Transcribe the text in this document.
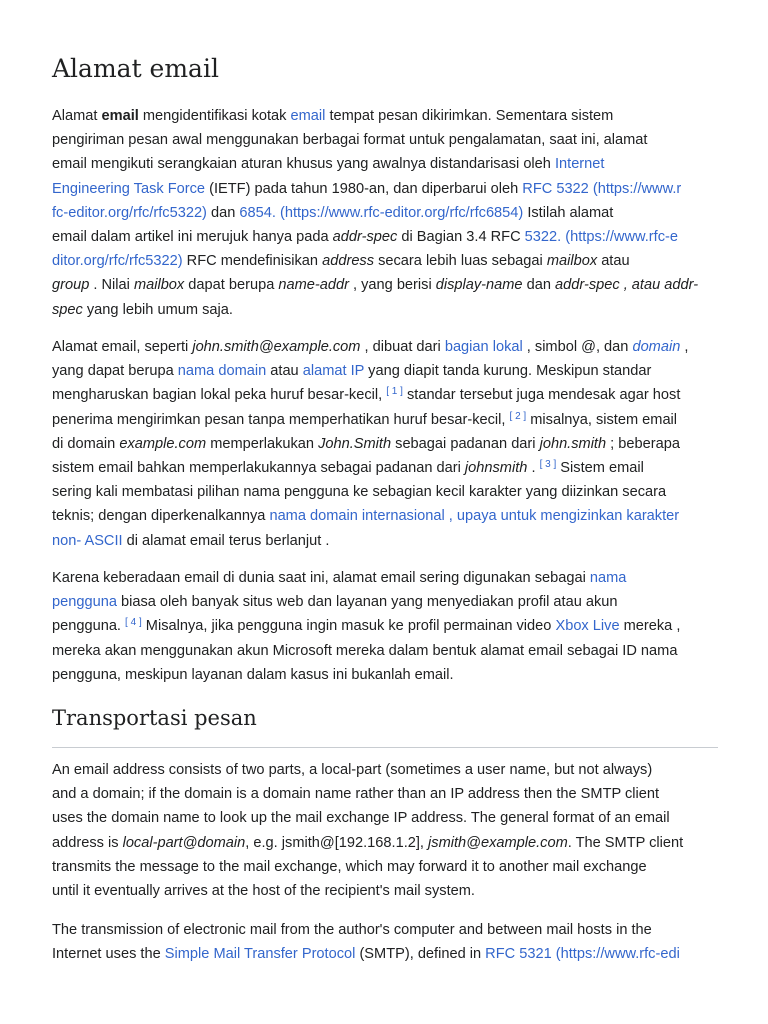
Alamat email

Alamat email mengidentifikasi kotak email tempat pesan dikirimkan. Sementara sistem
pengiriman pesan awal menggunakan berbagai format untuk pengalamatan, saat ini, alamat
email mengikuti serangkaian aturan khusus yang awalnya distandarisasi oleh Internet
Engineering Task Force (IETF) pada tahun 1980-an, dan diperbarui oleh RFC 5322 (https://www.r
fc-editor.org/rfc/rfc5322) dan 6854. (https://www.rfc-editor.org/rfc/rfc6854) Istilah alamat
email dalam artikel ini merujuk hanya pada addr-spec di Bagian 3.4 RFC 5322. (https://www.rfc-e
ditor.org/rfc/rfc5322) RFC mendefinisikan address secara lebih luas sebagai mailbox atau
group . Nilai mailbox dapat berupa name-addr , yang berisi display-name dan addr-spec , atau addr-
spec yang lebih umum saja.

Alamat email, seperti john.smith@example.com , dibuat dari bagian lokal , simbol @, dan domain ,
yang dapat berupa nama domain atau alamat IP yang diapit tanda kurung. Meskipun standar
mengharuskan bagian lokal peka huruf besar-kecil, [ 1 ] standar tersebut juga mendesak agar host
penerima mengirimkan pesan tanpa memperhatikan huruf besar-kecil, [ 2 ] misalnya, sistem email
di domain example.com memperlakukan John.Smith sebagai padanan dari john.smith ; beberapa
sistem email bahkan memperlakukannya sebagai padanan dari johnsmith . [ 3 ] Sistem email
sering kali membatasi pilihan nama pengguna ke sebagian kecil karakter yang diizinkan secara
teknis; dengan diperkenalkannya nama domain internasional , upaya untuk mengizinkan karakter
non- ASCII di alamat email terus berlanjut .

Karena keberadaan email di dunia saat ini, alamat email sering digunakan sebagai nama
pengguna biasa oleh banyak situs web dan layanan yang menyediakan profil atau akun
pengguna. [ 4 ] Misalnya, jika pengguna ingin masuk ke profil permainan video Xbox Live mereka ,
mereka akan menggunakan akun Microsoft mereka dalam bentuk alamat email sebagai ID nama
pengguna, meskipun layanan dalam kasus ini bukanlah email.

Transportasi pesan

An email address consists of two parts, a local-part (sometimes a user name, but not always)
and a domain; if the domain is a domain name rather than an IP address then the SMTP client
uses the domain name to look up the mail exchange IP address. The general format of an email
address is local-part@domain, e.g. jsmith@[192.168.1.2], jsmith@example.com. The SMTP client
transmits the message to the mail exchange, which may forward it to another mail exchange
until it eventually arrives at the host of the recipient's mail system.

The transmission of electronic mail from the author's computer and between mail hosts in the
Internet uses the Simple Mail Transfer Protocol (SMTP), defined in RFC 5321 (https://www.rfc-edi
